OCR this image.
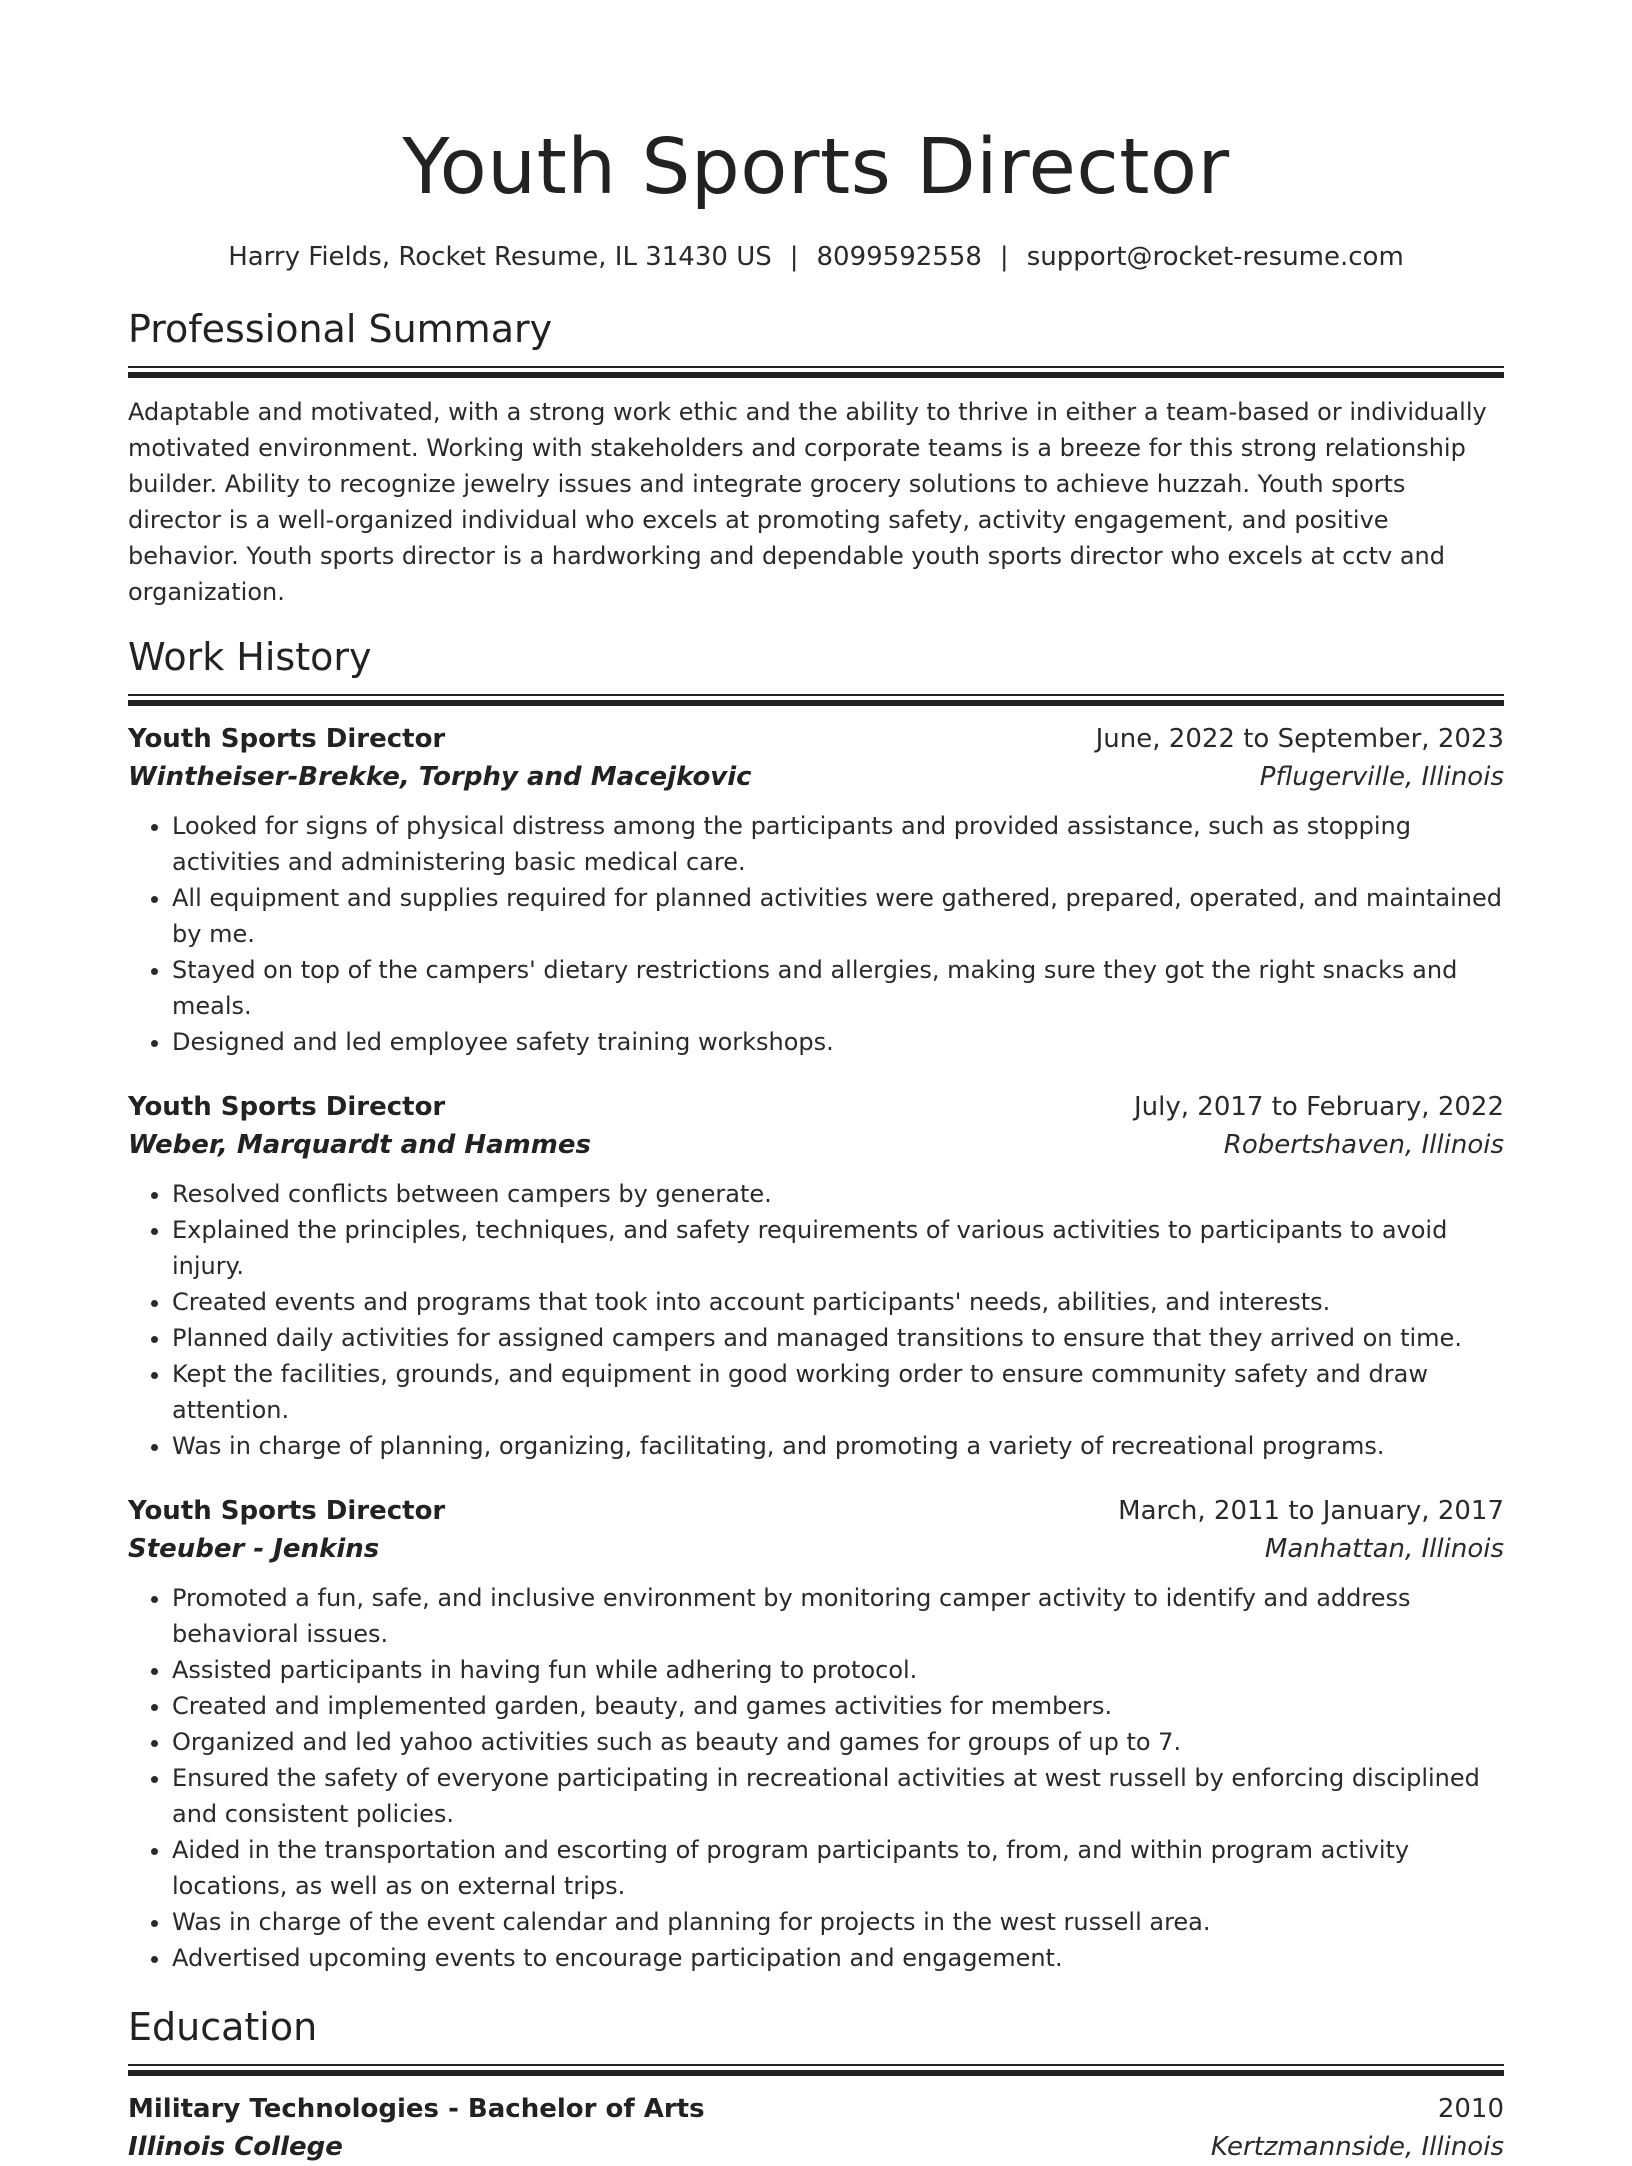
Youth Sports Director
Harry Fields, Rocket Resume, IL 31430 US | 8099592558 | support@rocket-resume.com
Professional Summary
Adaptable and motivated, with a strong work ethic and the ability to thrive in either a team-based or individually motivated environment. Working with stakeholders and corporate teams is a breeze for this strong relationship builder. Ability to recognize jewelry issues and integrate grocery solutions to achieve huzzah. Youth sports director is a well-organized individual who excels at promoting safety, activity engagement, and positive behavior. Youth sports director is a hardworking and dependable youth sports director who excels at cctv and organization.
Work History
Youth Sports Director	June, 2022 to September, 2023
Wintheiser-Brekke, Torphy and Macejkovic	Pflugerville, Illinois
• Looked for signs of physical distress among the participants and provided assistance, such as stopping activities and administering basic medical care.
• All equipment and supplies required for planned activities were gathered, prepared, operated, and maintained by me.
• Stayed on top of the campers' dietary restrictions and allergies, making sure they got the right snacks and meals.
• Designed and led employee safety training workshops.
Youth Sports Director	July, 2017 to February, 2022
Weber, Marquardt and Hammes	Robertshaven, Illinois
• Resolved conflicts between campers by generate.
• Explained the principles, techniques, and safety requirements of various activities to participants to avoid injury.
• Created events and programs that took into account participants' needs, abilities, and interests.
• Planned daily activities for assigned campers and managed transitions to ensure that they arrived on time.
• Kept the facilities, grounds, and equipment in good working order to ensure community safety and draw attention.
• Was in charge of planning, organizing, facilitating, and promoting a variety of recreational programs.
Youth Sports Director	March, 2011 to January, 2017
Steuber - Jenkins	Manhattan, Illinois
• Promoted a fun, safe, and inclusive environment by monitoring camper activity to identify and address behavioral issues.
• Assisted participants in having fun while adhering to protocol.
• Created and implemented garden, beauty, and games activities for members.
• Organized and led yahoo activities such as beauty and games for groups of up to 7.
• Ensured the safety of everyone participating in recreational activities at west russell by enforcing disciplined and consistent policies.
• Aided in the transportation and escorting of program participants to, from, and within program activity locations, as well as on external trips.
• Was in charge of the event calendar and planning for projects in the west russell area.
• Advertised upcoming events to encourage participation and engagement.
Education
Military Technologies - Bachelor of Arts	2010
Illinois College	Kertzmannside, Illinois
